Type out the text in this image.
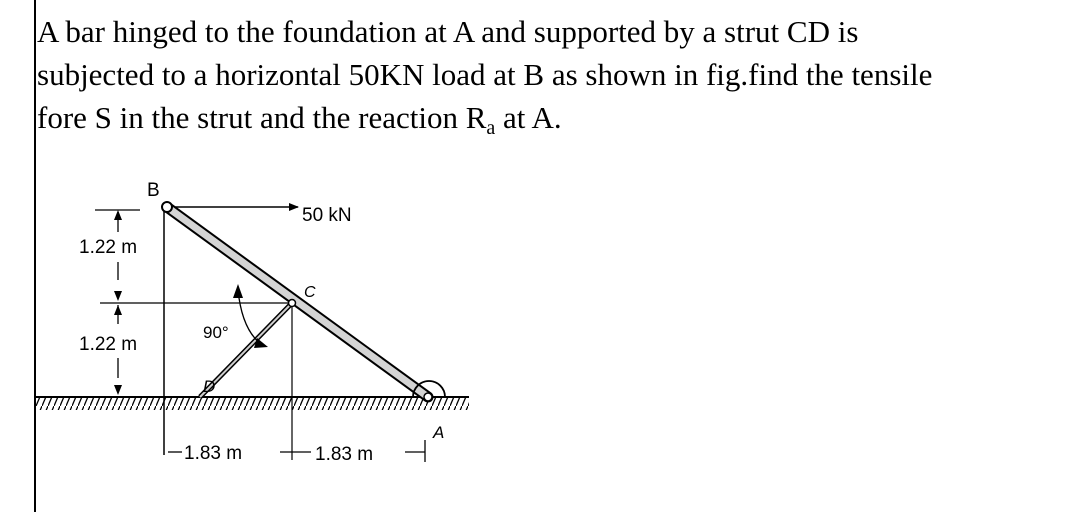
A bar hinged to the foundation at A and supported by a strut CD is

subjected to a horizontal 50KN load at B as shown in fig.find the tensile

fore S in the strut and the reaction $R_a$ at A.

B
50 kN
C
D
A
1.22 m
1.22 m
90°
1.83 m	1.83 m
